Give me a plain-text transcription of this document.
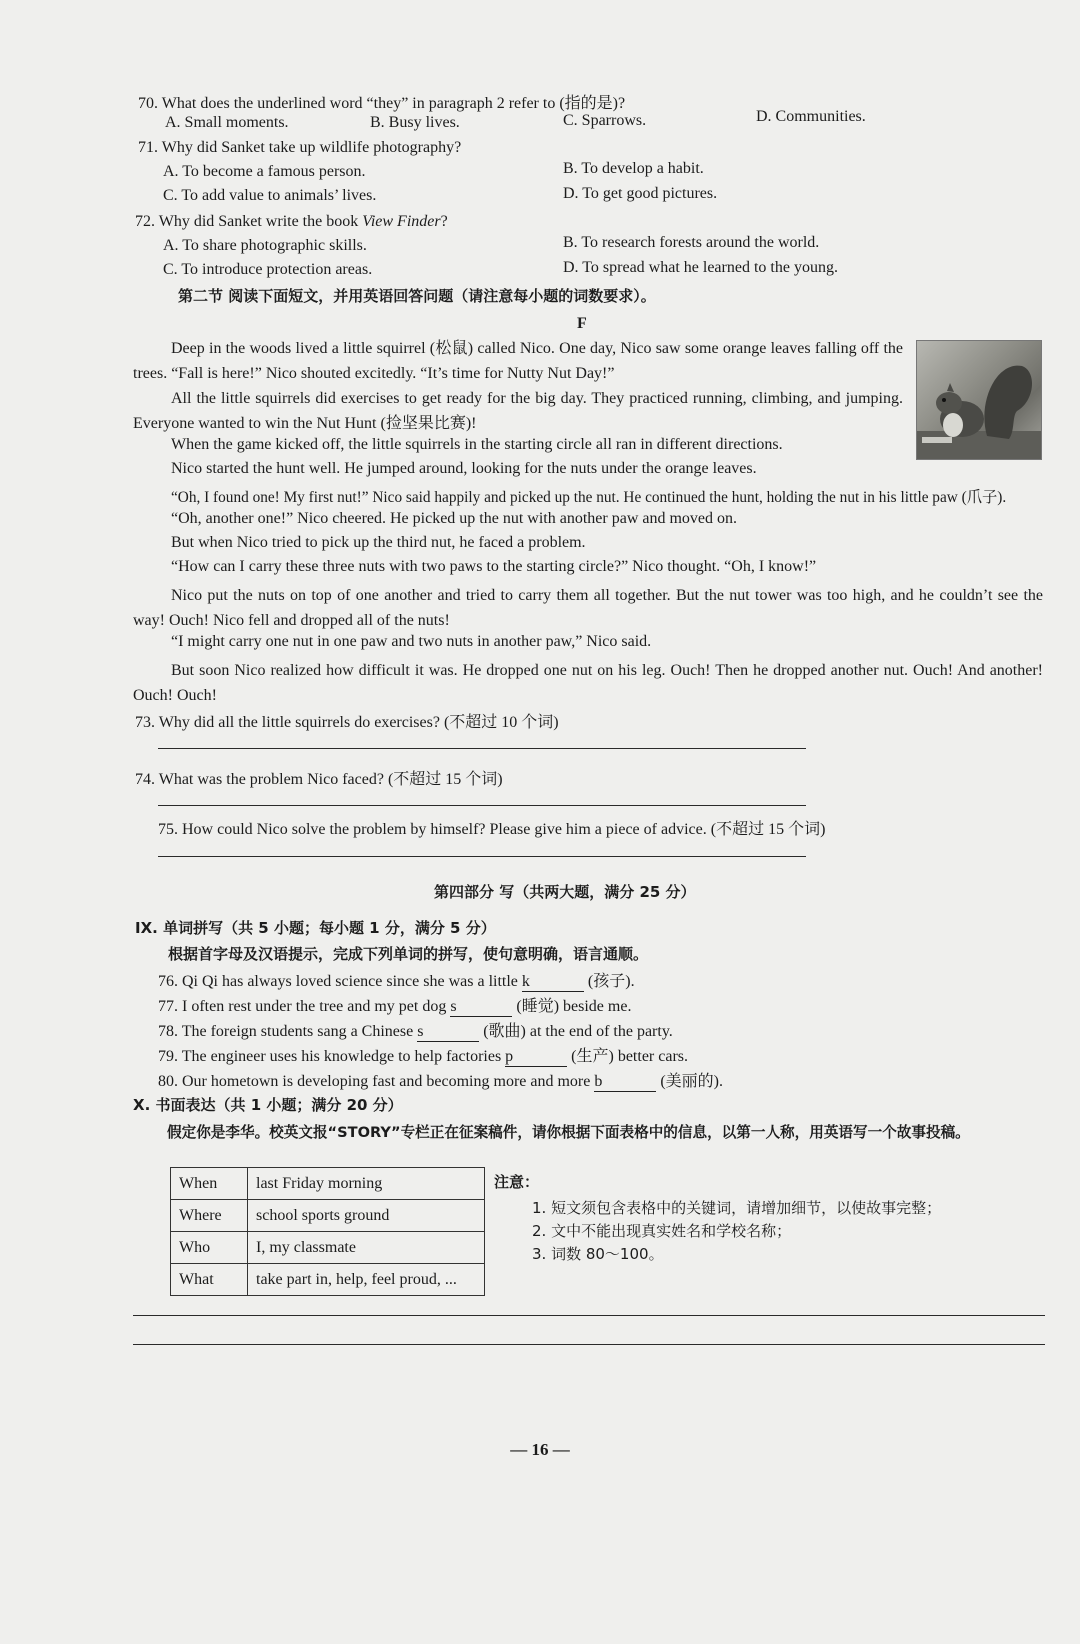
70. What does the underlined word “they” in paragraph 2 refer to (指的是)?
A. Small moments.	B. Busy lives.	C. Sparrows.	D. Communities.
71. Why did Sanket take up wildlife photography?
A. To become a famous person.	B. To develop a habit.
C. To add value to animals’ lives.	D. To get good pictures.
72. Why did Sanket write the book View Finder?
A. To share photographic skills.	B. To research forests around the world.
C. To introduce protection areas.	D. To spread what he learned to the young.
第二节 阅读下面短文，并用英语回答问题（请注意每小题的词数要求）。
F
Deep in the woods lived a little squirrel (松鼠) called Nico. One day, Nico saw some orange leaves falling off the trees. “Fall is here!” Nico shouted excitedly. “It’s time for Nutty Nut Day!”
All the little squirrels did exercises to get ready for the big day. They practiced running, climbing, and jumping. Everyone wanted to win the Nut Hunt (捡坚果比赛)!
When the game kicked off, the little squirrels in the starting circle all ran in different directions.
Nico started the hunt well. He jumped around, looking for the nuts under the orange leaves.
“Oh, I found one! My first nut!” Nico said happily and picked up the nut. He continued the hunt, holding the nut in his little paw (爪子).
“Oh, another one!” Nico cheered. He picked up the nut with another paw and moved on.
But when Nico tried to pick up the third nut, he faced a problem.
“How can I carry these three nuts with two paws to the starting circle?” Nico thought. “Oh, I know!”
Nico put the nuts on top of one another and tried to carry them all together. But the nut tower was too high, and he couldn’t see the way! Ouch! Nico fell and dropped all of the nuts!
“I might carry one nut in one paw and two nuts in another paw,” Nico said.
But soon Nico realized how difficult it was. He dropped one nut on his leg. Ouch! Then he dropped another nut. Ouch! And another! Ouch! Ouch!
73. Why did all the little squirrels do exercises? (不超过 10 个词)
74. What was the problem Nico faced? (不超过 15 个词)
75. How could Nico solve the problem by himself? Please give him a piece of advice. (不超过 15 个词)
第四部分 写（共两大题，满分 25 分）
IX. 单词拼写（共 5 小题；每小题 1 分，满分 5 分）
根据首字母及汉语提示，完成下列单词的拼写，使句意明确，语言通顺。
76. Qi Qi has always loved science since she was a little k	(孩子).
77. I often rest under the tree and my pet dog s	(睡觉) beside me.
78. The foreign students sang a Chinese s	(歌曲) at the end of the party.
79. The engineer uses his knowledge to help factories p	(生产) better cars.
80. Our hometown is developing fast and becoming more and more b	(美丽的).
X. 书面表达（共 1 小题；满分 20 分）
假定你是李华。校英文报“STORY”专栏正在征案稿件，请你根据下面表格中的信息，以第一人称，用英语写一个故事投稿。
When	last Friday morning
Where	school sports ground
Who	I, my classmate
What	take part in, help, feel proud, ...
注意：
1. 短文须包含表格中的关键词，请增加细节，以使故事完整；
2. 文中不能出现真实姓名和学校名称；
3. 词数 80～100。
— 16 —
